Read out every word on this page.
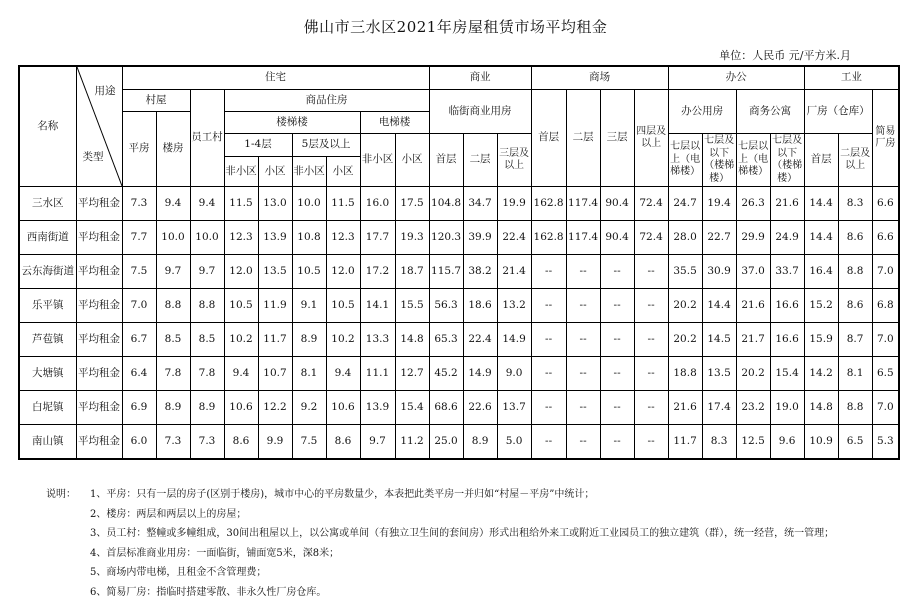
佛山市三水区2021年房屋租赁市场平均租金
单位：人民币 元/平方米.月
名称	用途
类型	住宅									商业			商场				办公				工业		
		村屋		员工村	商品住房						临街商业用房			首层	二层	三层	四层及以上	办公用房		商务公寓		厂房（仓库）		简易厂房
		平房	楼房		楼梯楼				电梯楼															
					1-4层		5层及以上		非小区	小区	首层	二层	三层及以上					七层以上（电梯楼）	七层及以下（楼梯楼）	七层以上（电梯楼）	七层及以下（楼梯楼）	首层	二层及以上	
					非小区	小区	非小区	小区																
三水区	平均租金	7.3	9.4	9.4	11.5	13.0	10.0	11.5	16.0	17.5	104.8	34.7	19.9	162.8	117.4	90.4	72.4	24.7	19.4	26.3	21.6	14.4	8.3	6.6
西南街道	平均租金	7.7	10.0	10.0	12.3	13.9	10.8	12.3	17.7	19.3	120.3	39.9	22.4	162.8	117.4	90.4	72.4	28.0	22.7	29.9	24.9	14.4	8.6	6.6
云东海街道	平均租金	7.5	9.7	9.7	12.0	13.5	10.5	12.0	17.2	18.7	115.7	38.2	21.4	--	--	--	--	35.5	30.9	37.0	33.7	16.4	8.8	7.0
乐平镇	平均租金	7.0	8.8	8.8	10.5	11.9	9.1	10.5	14.1	15.5	56.3	18.6	13.2	--	--	--	--	20.2	14.4	21.6	16.6	15.2	8.6	6.8
芦苞镇	平均租金	6.7	8.5	8.5	10.2	11.7	8.9	10.2	13.3	14.8	65.3	22.4	14.9	--	--	--	--	20.2	14.5	21.7	16.6	15.9	8.7	7.0
大塘镇	平均租金	6.4	7.8	7.8	9.4	10.7	8.1	9.4	11.1	12.7	45.2	14.9	9.0	--	--	--	--	18.8	13.5	20.2	15.4	14.2	8.1	6.5
白坭镇	平均租金	6.9	8.9	8.9	10.6	12.2	9.2	10.6	13.9	15.4	68.6	22.6	13.7	--	--	--	--	21.6	17.4	23.2	19.0	14.8	8.8	7.0
南山镇	平均租金	6.0	7.3	7.3	8.6	9.9	7.5	8.6	9.7	11.2	25.0	8.9	5.0	--	--	--	--	11.7	8.3	12.5	9.6	10.9	6.5	5.3
说明：	1、平房：只有一层的房子(区别于楼房)，城市中心的平房数量少，本表把此类平房一并归如“村屋－平房”中统计；
2、楼房：两层和两层以上的房屋；
3、员工村：整幢或多幢组成，30间出租屋以上，以公寓或单间（有独立卫生间的套间房）形式出租给外来工或附近工业园员工的独立建筑（群），统一经营，统一管理；
4、首层标准商业用房：一面临街，铺面宽5米，深8米；
5、商场内带电梯，且租金不含管理费；
6、简易厂房：指临时搭建零散、非永久性厂房仓库。
